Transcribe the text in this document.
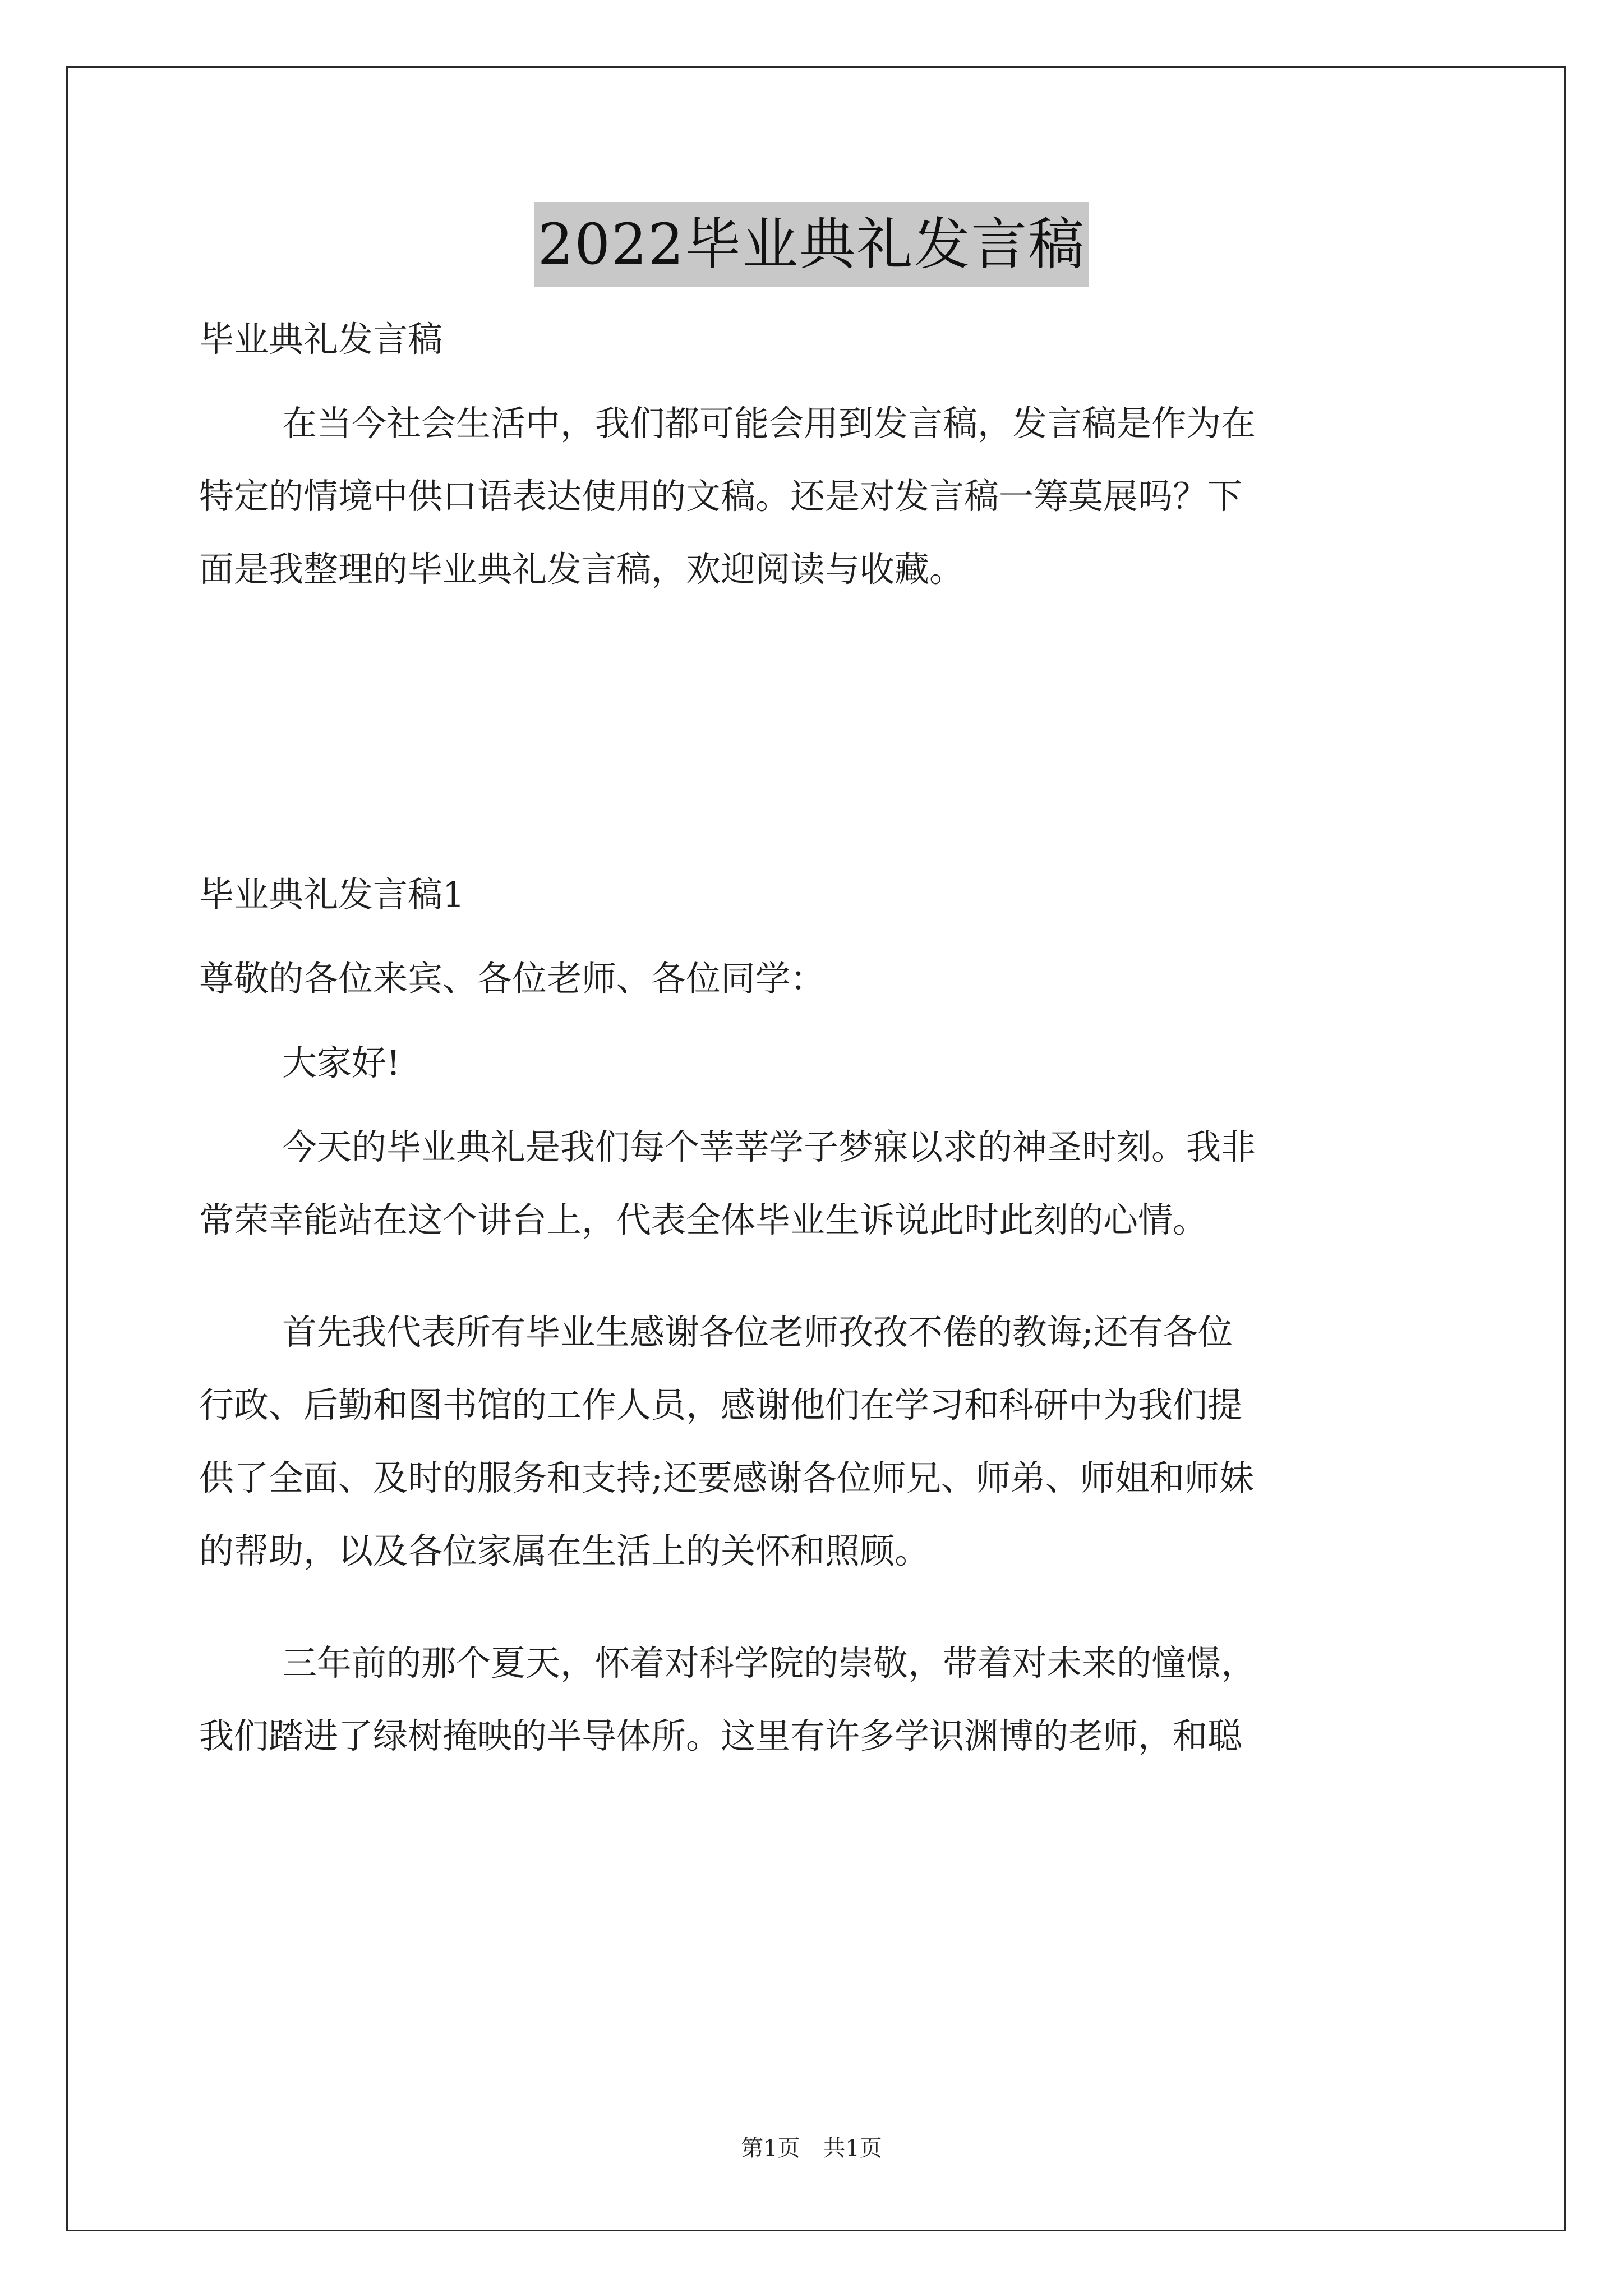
2022毕业典礼发言稿
毕业典礼发言稿
在当今社会生活中，我们都可能会用到发言稿，发言稿是作为在
特定的情境中供口语表达使用的文稿。还是对发言稿一筹莫展吗？下
面是我整理的毕业典礼发言稿，欢迎阅读与收藏。
毕业典礼发言稿1
尊敬的各位来宾、各位老师、各位同学：
大家好!
今天的毕业典礼是我们每个莘莘学子梦寐以求的神圣时刻。我非
常荣幸能站在这个讲台上，代表全体毕业生诉说此时此刻的心情。
首先我代表所有毕业生感谢各位老师孜孜不倦的教诲;还有各位
行政、后勤和图书馆的工作人员，感谢他们在学习和科研中为我们提
供了全面、及时的服务和支持;还要感谢各位师兄、师弟、师姐和师妹
的帮助，以及各位家属在生活上的关怀和照顾。
三年前的那个夏天，怀着对科学院的崇敬，带着对未来的憧憬，
我们踏进了绿树掩映的半导体所。这里有许多学识渊博的老师，和聪
第1页 共1页
